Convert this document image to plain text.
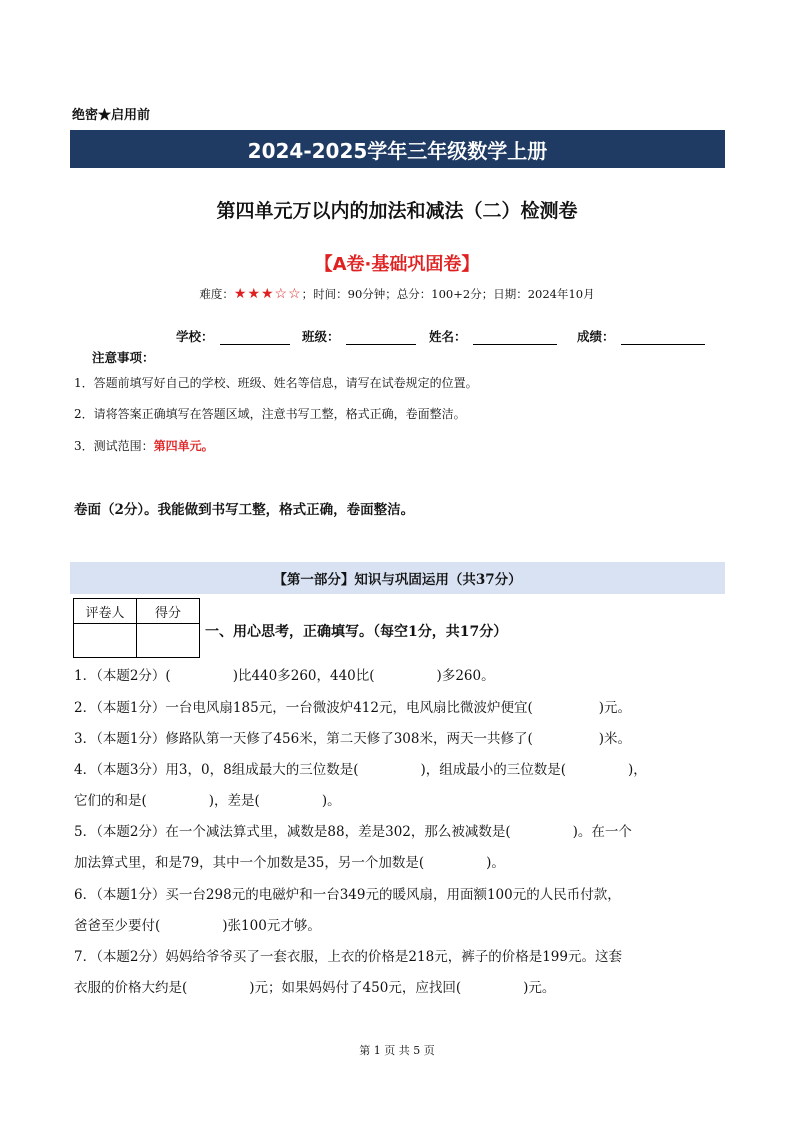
绝密★启用前
2024-2025学年三年级数学上册
第四单元万以内的加法和减法（二）检测卷
【A卷·基础巩固卷】
难度：★★★☆☆；时间：90分钟；总分：100+2分；日期：2024年10月
学校：	班级：	姓名：	成绩：
注意事项：
1．答题前填写好自己的学校、班级、姓名等信息，请写在试卷规定的位置。
2．请将答案正确填写在答题区域，注意书写工整，格式正确，卷面整洁。
3．测试范围：第四单元。
卷面（2分）。我能做到书写工整，格式正确，卷面整洁。
【第一部分】知识与巩固运用（共37分）
评卷人	得分

一、用心思考，正确填写。（每空1分，共17分）
1．（本题2分）(	)比440多260，440比(	)多260。
2．（本题1分）一台电风扇185元，一台微波炉412元，电风扇比微波炉便宜(	)元。
3．（本题1分）修路队第一天修了456米，第二天修了308米，两天一共修了(	)米。
4．（本题3分）用3，0，8组成最大的三位数是(	)，组成最小的三位数是(	)，
它们的和是(	)，差是(	)。
5．（本题2分）在一个减法算式里，减数是88，差是302，那么被减数是(	)。在一个
加法算式里，和是79，其中一个加数是35，另一个加数是(	)。
6．（本题1分）买一台298元的电磁炉和一台349元的暖风扇，用面额100元的人民币付款，
爸爸至少要付(	)张100元才够。
7．（本题2分）妈妈给爷爷买了一套衣服，上衣的价格是218元，裤子的价格是199元。这套
衣服的价格大约是(	)元；如果妈妈付了450元，应找回(	)元。
第 1 页 共 5 页
